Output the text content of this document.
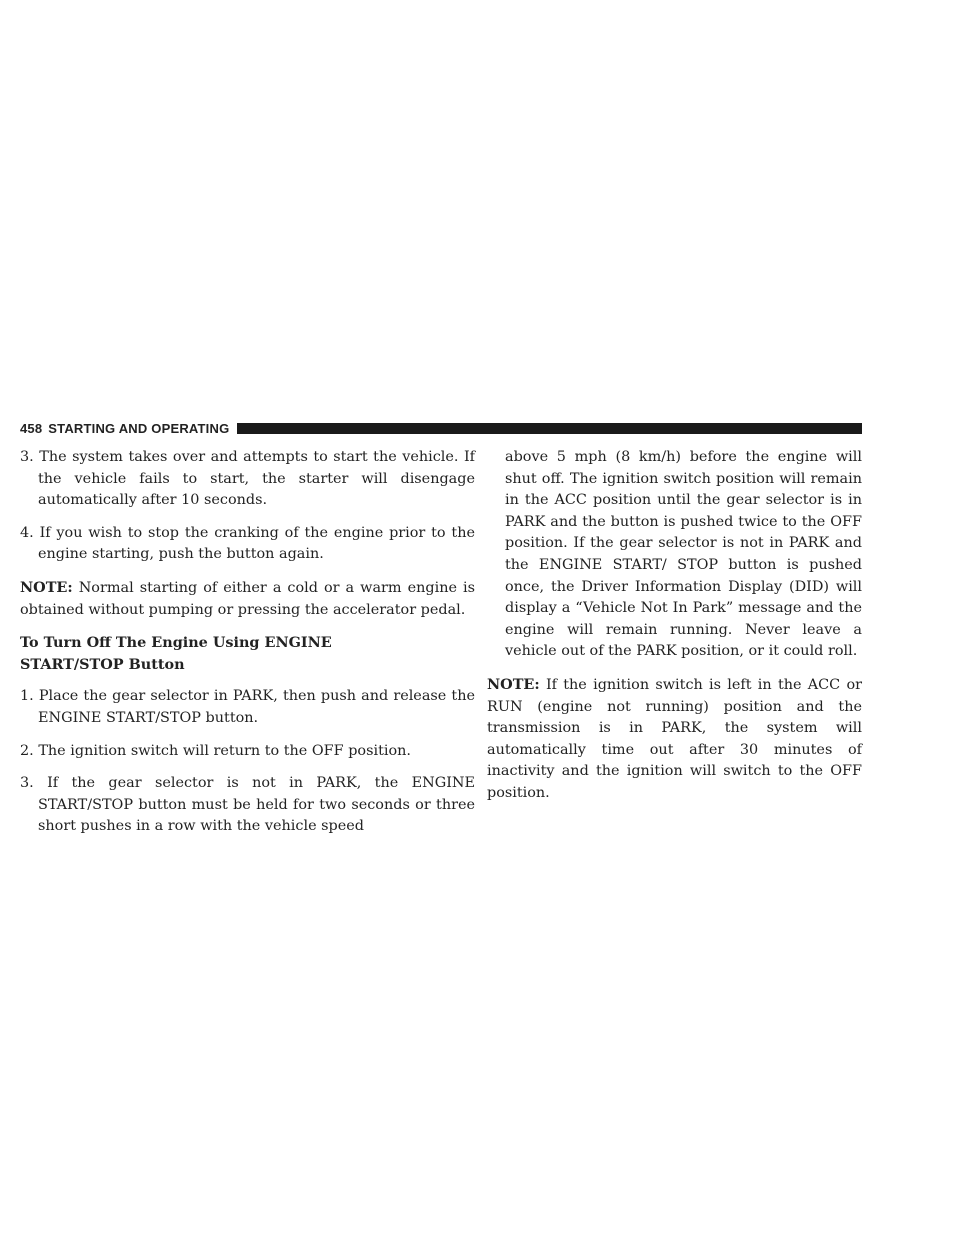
458 STARTING AND OPERATING

3. The system takes over and attempts to start the vehicle. If the vehicle fails to start, the starter will disengage automatically after 10 seconds.

4. If you wish to stop the cranking of the engine prior to the engine starting, push the button again.

NOTE: Normal starting of either a cold or a warm engine is obtained without pumping or pressing the accelerator pedal.

To Turn Off The Engine Using ENGINE
START/STOP Button

1. Place the gear selector in PARK, then push and release the ENGINE START/STOP button.

2. The ignition switch will return to the OFF position.

3. If the gear selector is not in PARK, the ENGINE START/STOP button must be held for two seconds or three short pushes in a row with the vehicle speed

above 5 mph (8 km/h) before the engine will shut off. The ignition switch position will remain in the ACC position until the gear selector is in PARK and the button is pushed twice to the OFF position. If the gear selector is not in PARK and the ENGINE START/ STOP button is pushed once, the Driver Information Display (DID) will display a “Vehicle Not In Park” message and the engine will remain running. Never leave a vehicle out of the PARK position, or it could roll.

NOTE: If the ignition switch is left in the ACC or RUN (engine not running) position and the transmission is in PARK, the system will automatically time out after 30 minutes of inactivity and the ignition will switch to the OFF position.
